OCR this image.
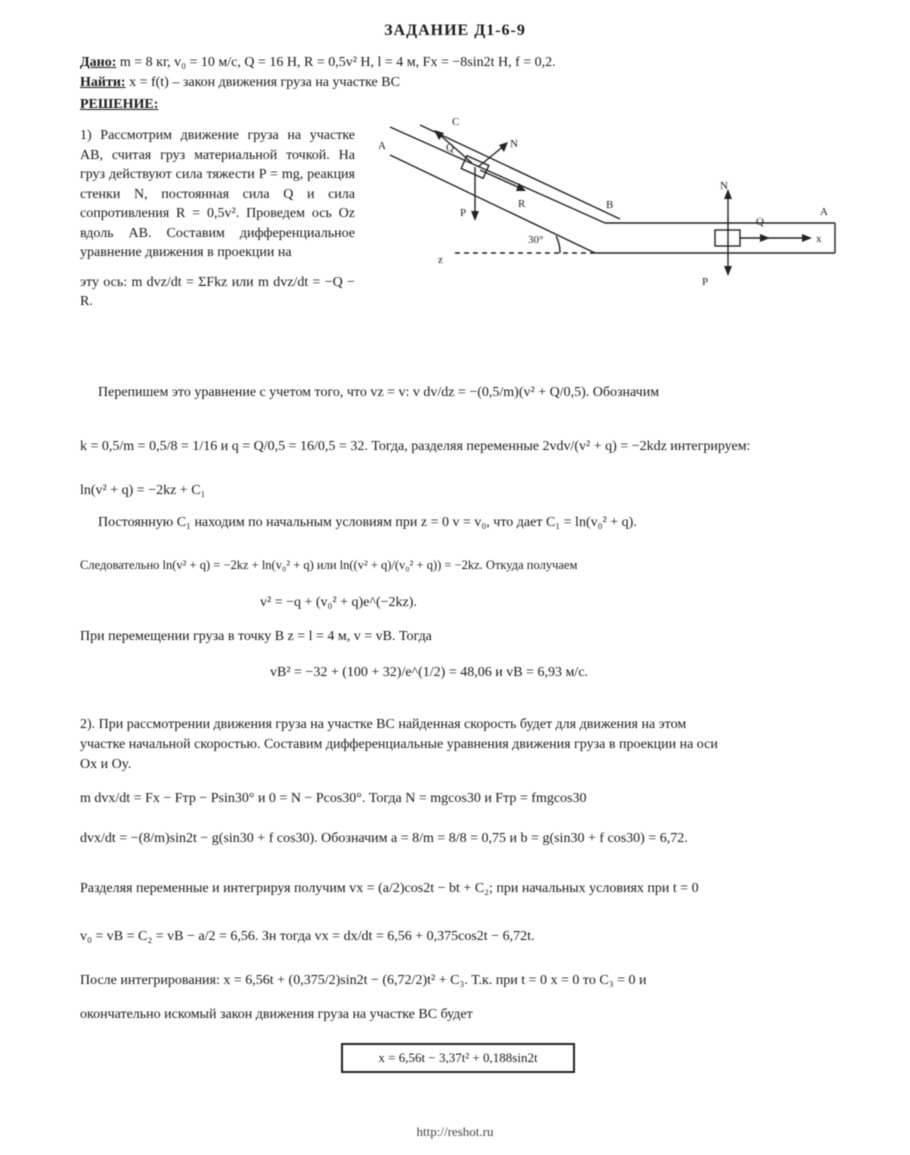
ЗАДАНИЕ Д1-6-9
Дано: m = 8 кг, v₀ = 10 м/с, Q = 16 Н, R = 0,5v² Н, l = 4 м, Fx = −8sin2t Н, f = 0,2.
Найти: x = f(t) – закон движения груза на участке BC
РЕШЕНИЕ:

1) Рассмотрим движение груза на участке AB, считая груз материальной точкой. На груз действуют сила тяжести P = mg, реакция стенки N, постоянная сила Q и сила сопротивления R = 0,5v². Проведем ось Oz вдоль AB. Составим дифференциальное уравнение движения в проекции на

эту ось: m dvz/dt = ΣFkz или m dvz/dt = −Q − R.

A
C
Q	N
P
R
30°
B
z
N
P
Q
A
x
Перепишем это уравнение с учетом того, что vz = v: v dv/dz = −(0,5/m)(v² + Q/0,5). Обозначим
k = 0,5/m = 0,5/8 = 1/16 и q = Q/0,5 = 16/0,5 = 32. Тогда, разделяя переменные 2vdv/(v² + q) = −2kdz интегрируем:
ln(v² + q) = −2kz + C₁
Постоянную C₁ находим по начальным условиям при z = 0 v = v₀, что дает C₁ = ln(v₀² + q).
Следовательно ln(v² + q) = −2kz + ln(v₀² + q) или ln((v² + q)/(v₀² + q)) = −2kz. Откуда получаем
v² = −q + (v₀² + q)e^(−2kz).
При перемещении груза в точку B z = l = 4 м, v = vB. Тогда
vB² = −32 + (100 + 32)/e^(1/2) = 48,06 и vB = 6,93 м/с.
2). При рассмотрении движения груза на участке BC найденная скорость будет для движения на этом
участке начальной скоростью. Составим дифференциальные уравнения движения груза в проекции на оси
Ox и Oy.
m dvx/dt = Fx − Fтр − Psin30° и 0 = N − Pcos30°. Тогда N = mgcos30 и Fтр = fmgcos30
dvx/dt = −(8/m)sin2t − g(sin30 + f cos30). Обозначим a = 8/m = 8/8 = 0,75 и b = g(sin30 + f cos30) = 6,72.
Разделяя переменные и интегрируя получим vx = (a/2)cos2t − bt + C₂; при начальных условиях при t = 0
v₀ = vB = C₂ = vB − a/2 = 6,56. Зн тогда vx = dx/dt = 6,56 + 0,375cos2t − 6,72t.
После интегрирования: x = 6,56t + (0,375/2)sin2t − (6,72/2)t² + C₃. Т.к. при t = 0 x = 0 то C₃ = 0 и
окончательно искомый закон движения груза на участке BC будет
x = 6,56t − 3,37t² + 0,188sin2t
http://reshot.ru
